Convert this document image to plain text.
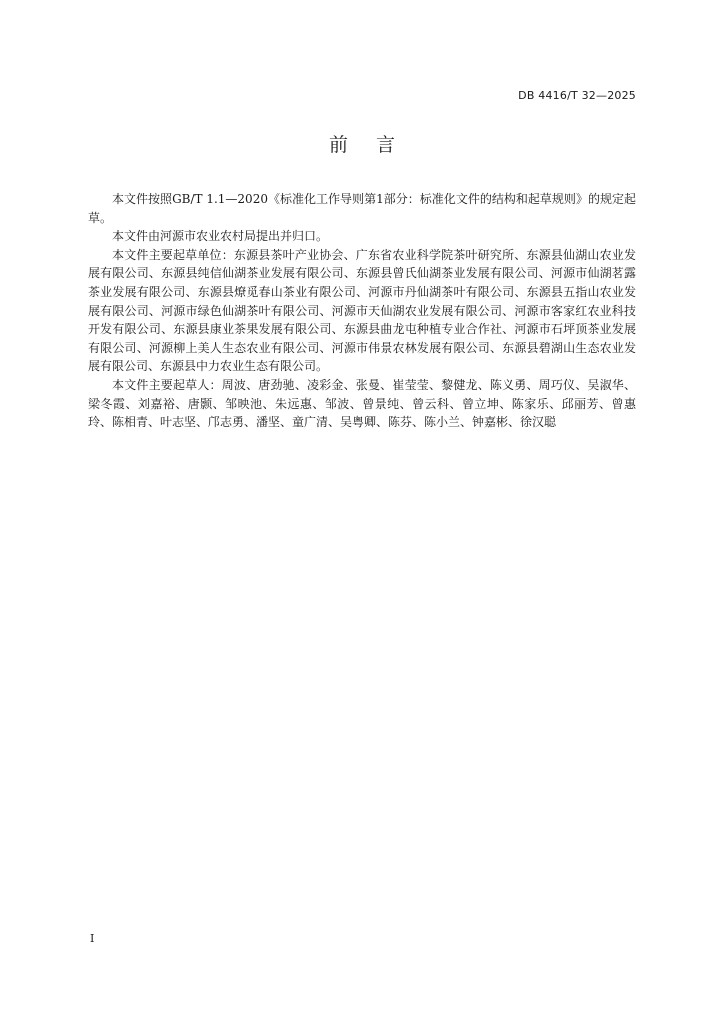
DB 4416/T 32—2025
前言

本文件按照GB/T 1.1—2020《标准化工作导则第1部分：标准化文件的结构和起草规则》的规定起草。

本文件由河源市农业农村局提出并归口。

本文件主要起草单位：东源县茶叶产业协会、广东省农业科学院茶叶研究所、东源县仙湖山农业发展有限公司、东源县纯信仙湖茶业发展有限公司、东源县曾氏仙湖茶业发展有限公司、河源市仙湖茗露茶业发展有限公司、东源县燎觅春山茶业有限公司、河源市丹仙湖茶叶有限公司、东源县五指山农业发展有限公司、河源市绿色仙湖茶叶有限公司、河源市天仙湖农业发展有限公司、河源市客家红农业科技开发有限公司、东源县康业茶果发展有限公司、东源县曲龙屯种植专业合作社、河源市石坪顶茶业发展有限公司、河源柳上美人生态农业有限公司、河源市伟景农林发展有限公司、东源县碧湖山生态农业发展有限公司、东源县中力农业生态有限公司。

本文件主要起草人：周波、唐劲驰、凌彩金、张曼、崔莹莹、黎健龙、陈义勇、周巧仪、吴淑华、梁冬霞、刘嘉裕、唐颢、邹映池、朱远惠、邹波、曾景纯、曾云科、曾立坤、陈家乐、邱丽芳、曾惠玲、陈相青、叶志坚、邝志勇、潘坚、童广清、吴粤卿、陈芬、陈小兰、钟嘉彬、徐汉聪

I
